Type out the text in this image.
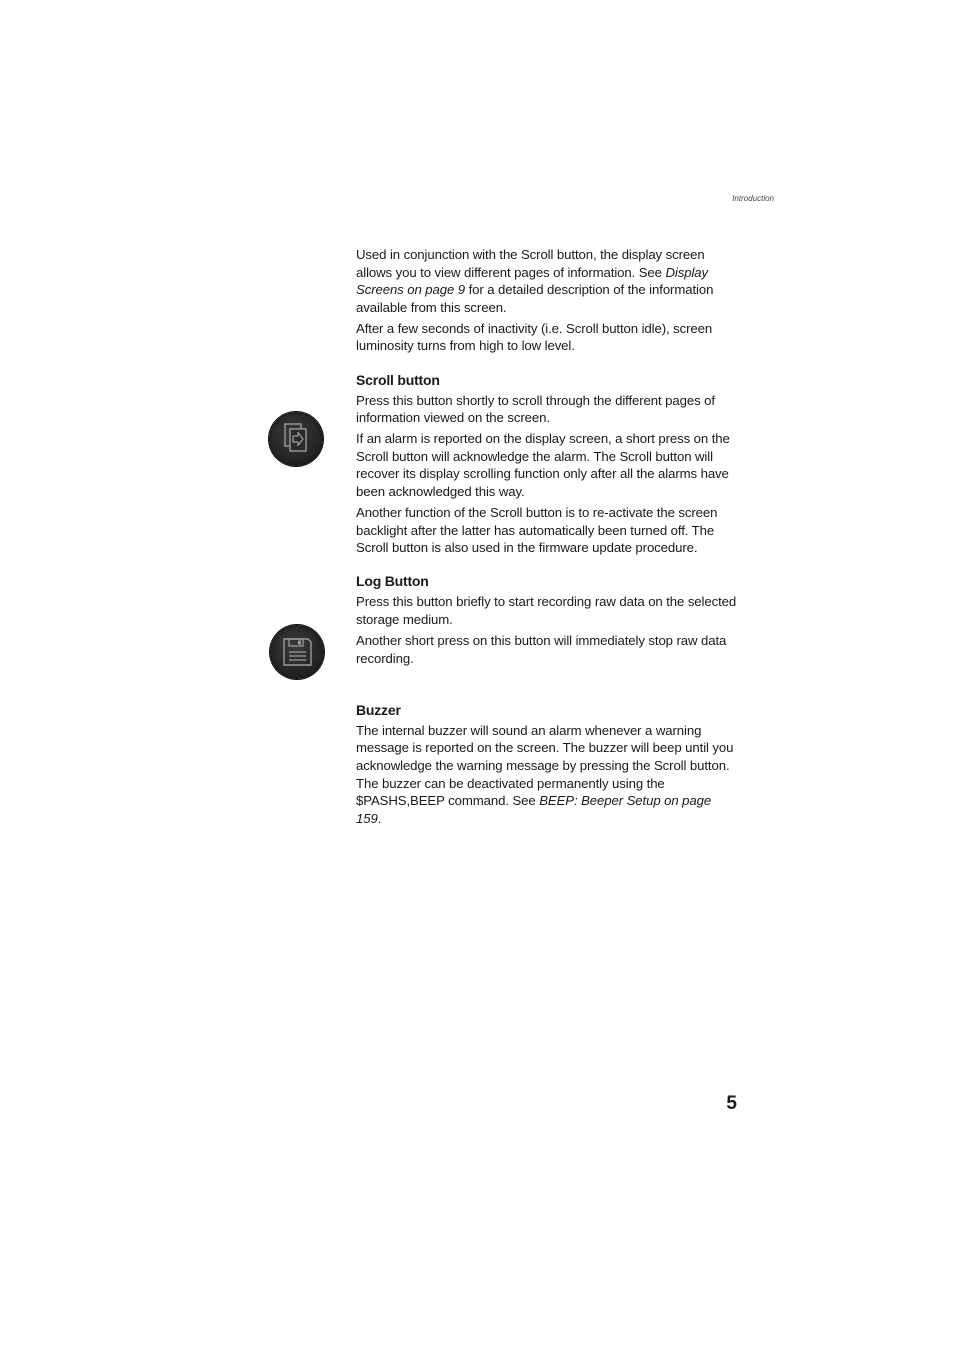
Introduction

Used in conjunction with the Scroll button, the display screen allows you to view different pages of information. See Display Screens on page 9 for a detailed description of the information available from this screen.

After a few seconds of inactivity (i.e. Scroll button idle), screen luminosity turns from high to low level.

Scroll button

Press this button shortly to scroll through the different pages of information viewed on the screen.

If an alarm is reported on the display screen, a short press on the Scroll button will acknowledge the alarm. The Scroll button will recover its display scrolling function only after all the alarms have been acknowledged this way.

Another function of the Scroll button is to re-activate the screen backlight after the latter has automatically been turned off. The Scroll button is also used in the firmware update procedure.

Log Button

Press this button briefly to start recording raw data on the selected storage medium.

Another short press on this button will immediately stop raw data recording.

Buzzer

The internal buzzer will sound an alarm whenever a warning message is reported on the screen. The buzzer will beep until you acknowledge the warning message by pressing the Scroll button. The buzzer can be deactivated permanently using the $PASHS,BEEP command. See BEEP: Beeper Setup on page 159.

5
